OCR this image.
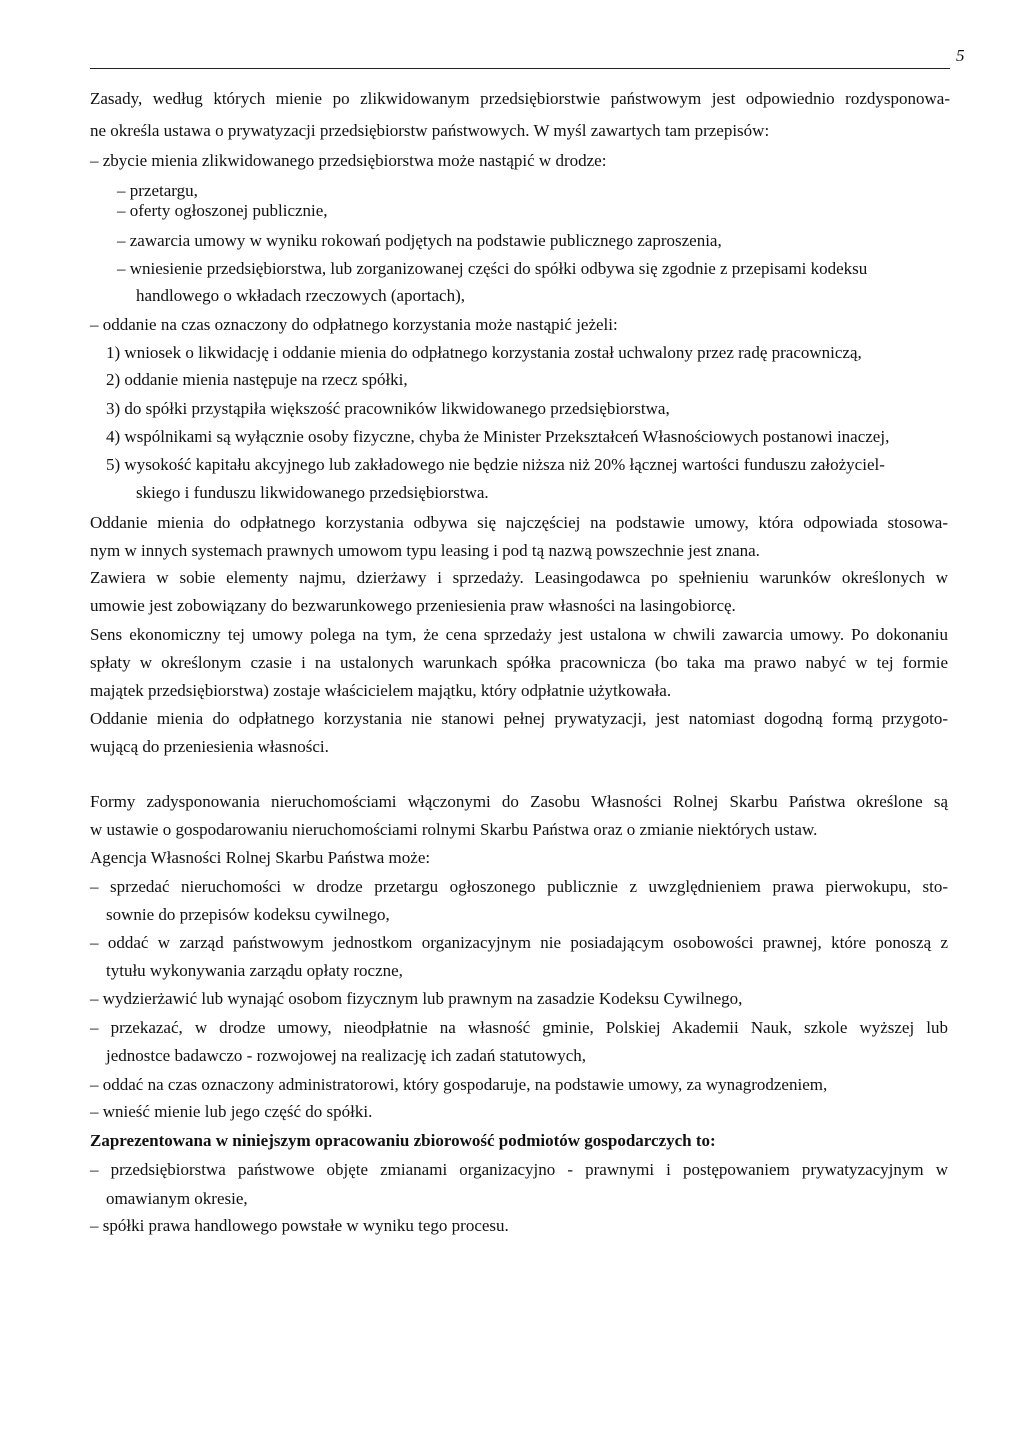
5
Zasady, według których mienie po zlikwidowanym przedsiębiorstwie państwowym jest odpowiednio rozdysponowa-
ne określa ustawa o prywatyzacji przedsiębiorstw państwowych. W myśl zawartych tam przepisów:
– zbycie mienia zlikwidowanego przedsiębiorstwa może nastąpić w drodze:
– przetargu,
– oferty ogłoszonej publicznie,
– zawarcia umowy w wyniku rokowań podjętych na podstawie publicznego zaproszenia,
– wniesienie przedsiębiorstwa, lub zorganizowanej części do spółki odbywa się zgodnie z przepisami kodeksu
handlowego o wkładach rzeczowych (aportach),
– oddanie na czas oznaczony do odpłatnego korzystania może nastąpić jeżeli:
1) wniosek o likwidację i oddanie mienia do odpłatnego korzystania został uchwalony przez radę pracowniczą,
2) oddanie mienia następuje na rzecz spółki,
3) do spółki przystąpiła większość pracowników likwidowanego przedsiębiorstwa,
4) wspólnikami są wyłącznie osoby fizyczne, chyba że Minister Przekształceń Własnościowych postanowi inaczej,
5) wysokość kapitału akcyjnego lub zakładowego nie będzie niższa niż 20% łącznej wartości funduszu założyciel-
skiego i funduszu likwidowanego przedsiębiorstwa.
Oddanie mienia do odpłatnego korzystania odbywa się najczęściej na podstawie umowy, która odpowiada stosowa-
nym w innych systemach prawnych umowom typu leasing i pod tą nazwą powszechnie jest znana.
Zawiera w sobie elementy najmu, dzierżawy i sprzedaży. Leasingodawca po spełnieniu warunków określonych w
umowie jest zobowiązany do bezwarunkowego przeniesienia praw własności na lasingobiorcę.
Sens ekonomiczny tej umowy polega na tym, że cena sprzedaży jest ustalona w chwili zawarcia umowy. Po dokonaniu
spłaty w określonym czasie i na ustalonych warunkach spółka pracownicza (bo taka ma prawo nabyć w tej formie
majątek przedsiębiorstwa) zostaje właścicielem majątku, który odpłatnie użytkowała.
Oddanie mienia do odpłatnego korzystania nie stanowi pełnej prywatyzacji, jest natomiast dogodną formą przygoto-
wującą do przeniesienia własności.
Formy zadysponowania nieruchomościami włączonymi do Zasobu Własności Rolnej Skarbu Państwa określone są
w ustawie o gospodarowaniu nieruchomościami rolnymi Skarbu Państwa oraz o zmianie niektórych ustaw.
Agencja Własności Rolnej Skarbu Państwa może:
– sprzedać nieruchomości w drodze przetargu ogłoszonego publicznie z uwzględnieniem prawa pierwokupu, sto-
sownie do przepisów kodeksu cywilnego,
– oddać w zarząd państwowym jednostkom organizacyjnym nie posiadającym osobowości prawnej, które ponoszą z
tytułu wykonywania zarządu opłaty roczne,
– wydzierżawić lub wynająć osobom fizycznym lub prawnym na zasadzie Kodeksu Cywilnego,
– przekazać, w drodze umowy, nieodpłatnie na własność gminie, Polskiej Akademii Nauk, szkole wyższej lub
jednostce badawczo - rozwojowej na realizację ich zadań statutowych,
– oddać na czas oznaczony administratorowi, który gospodaruje, na podstawie umowy, za wynagrodzeniem,
– wnieść mienie lub jego część do spółki.
Zaprezentowana w niniejszym opracowaniu zbiorowość podmiotów gospodarczych to:
– przedsiębiorstwa państwowe objęte zmianami organizacyjno - prawnymi i postępowaniem prywatyzacyjnym w
omawianym okresie,
– spółki prawa handlowego powstałe w wyniku tego procesu.
